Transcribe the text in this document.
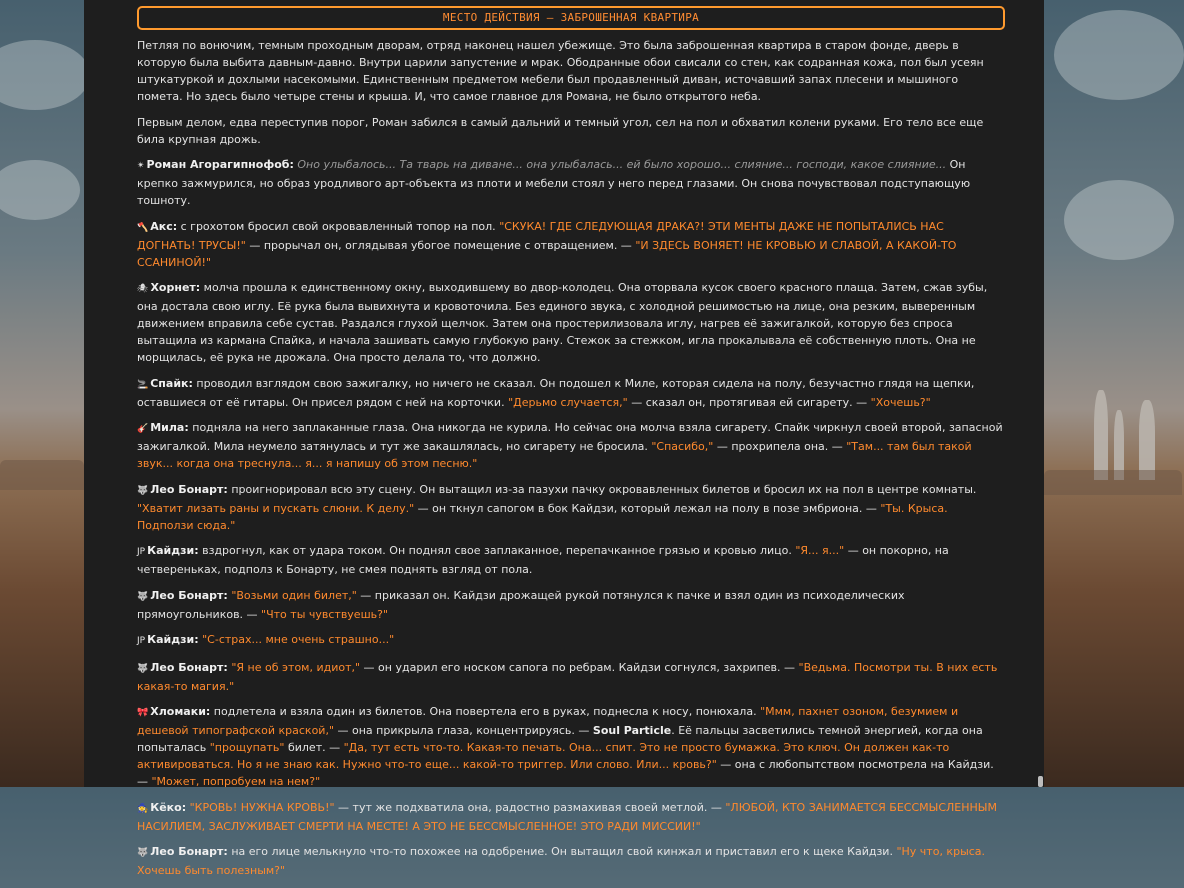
МЕСТО ДЕЙСТВИЯ – ЗАБРОШЕННАЯ КВАРТИРА

Петляя по вонючим, темным проходным дворам, отряд наконец нашел убежище. Это была заброшенная квартира в старом фонде, дверь в которую была выбита давным-давно. Внутри царили запустение и мрак. Ободранные обои свисали со стен, как содранная кожа, пол был усеян штукатуркой и дохлыми насекомыми. Единственным предметом мебели был продавленный диван, источавший запах плесени и мышиного помета. Но здесь было четыре стены и крыша. И, что самое главное для Романа, не было открытого неба.

Первым делом, едва переступив порог, Роман забился в самый дальний и темный угол, сел на пол и обхватил колени руками. Его тело все еще била крупная дрожь.

✴ Роман Агорагипнофоб: Оно улыбалось... Та тварь на диване... она улыбалась... ей было хорошо... слияние... господи, какое слияние... Он крепко зажмурился, но образ уродливого арт-объекта из плоти и мебели стоял у него перед глазами. Он снова почувствовал подступающую тошноту.

🪓 Акс: с грохотом бросил свой окровавленный топор на пол. "СКУКА! ГДЕ СЛЕДУЮЩАЯ ДРАКА?! ЭТИ МЕНТЫ ДАЖЕ НЕ ПОПЫТАЛИСЬ НАС ДОГНАТЬ! ТРУСЫ!" — прорычал он, оглядывая убогое помещение с отвращением. — "И ЗДЕСЬ ВОНЯЕТ! НЕ КРОВЬЮ И СЛАВОЙ, А КАКОЙ-ТО ССАНИНОЙ!"

🕷 Хорнет: молча прошла к единственному окну, выходившему во двор-колодец. Она оторвала кусок своего красного плаща. Затем, сжав зубы, она достала свою иглу. Её рука была вывихнута и кровоточила. Без единого звука, с холодной решимостью на лице, она резким, выверенным движением вправила себе сустав. Раздался глухой щелчок. Затем она простерилизовала иглу, нагрев её зажигалкой, которую без спроса вытащила из кармана Спайка, и начала зашивать самую глубокую рану. Стежок за стежком, игла прокалывала её собственную плоть. Она не морщилась, её рука не дрожала. Она просто делала то, что должно.

🚬 Спайк: проводил взглядом свою зажигалку, но ничего не сказал. Он подошел к Миле, которая сидела на полу, безучастно глядя на щепки, оставшиеся от её гитары. Он присел рядом с ней на корточки. "Дерьмо случается," — сказал он, протягивая ей сигарету. — "Хочешь?"

🎸 Мила: подняла на него заплаканные глаза. Она никогда не курила. Но сейчас она молча взяла сигарету. Спайк чиркнул своей второй, запасной зажигалкой. Мила неумело затянулась и тут же закашлялась, но сигарету не бросила. "Спасибо," — прохрипела она. — "Там... там был такой звук... когда она треснула... я... я напишу об этом песню."

🐺 Лео Бонарт: проигнорировал всю эту сцену. Он вытащил из-за пазухи пачку окровавленных билетов и бросил их на пол в центре комнаты. "Хватит лизать раны и пускать слюни. К делу." — он ткнул сапогом в бок Кайдзи, который лежал на полу в позе эмбриона. — "Ты. Крыса. Подползи сюда."

JP Кайдзи: вздрогнул, как от удара током. Он поднял свое заплаканное, перепачканное грязью и кровью лицо. "Я... я..." — он покорно, на четвереньках, подполз к Бонарту, не смея поднять взгляд от пола.

🐺 Лео Бонарт: "Возьми один билет," — приказал он. Кайдзи дрожащей рукой потянулся к пачке и взял один из психоделических прямоугольников. — "Что ты чувствуешь?"

JP Кайдзи: "С-страх... мне очень страшно..."

🐺 Лео Бонарт: "Я не об этом, идиот," — он ударил его носком сапога по ребрам. Кайдзи согнулся, захрипев. — "Ведьма. Посмотри ты. В них есть какая-то магия."

🎀 Хломаки: подлетела и взяла один из билетов. Она повертела его в руках, поднесла к носу, понюхала. "Ммм, пахнет озоном, безумием и дешевой типографской краской," — она прикрыла глаза, концентрируясь. — Soul Particle. Её пальцы засветились темной энергией, когда она попыталась "прощупать" билет. — "Да, тут есть что-то. Какая-то печать. Она... спит. Это не просто бумажка. Это ключ. Он должен как-то активироваться. Но я не знаю как. Нужно что-то еще... какой-то триггер. Или слово. Или... кровь?" — она с любопытством посмотрела на Кайдзи. — "Может, попробуем на нем?"

🧙 Кёко: "КРОВЬ! НУЖНА КРОВЬ!" — тут же подхватила она, радостно размахивая своей метлой. — "ЛЮБОЙ, КТО ЗАНИМАЕТСЯ БЕССМЫСЛЕННЫМ НАСИЛИЕМ, ЗАСЛУЖИВАЕТ СМЕРТИ НА МЕСТЕ! А ЭТО НЕ БЕССМЫСЛЕННОЕ! ЭТО РАДИ МИССИИ!"

🐺 Лео Бонарт: на его лице мелькнуло что-то похожее на одобрение. Он вытащил свой кинжал и приставил его к щеке Кайдзи. "Ну что, крыса. Хочешь быть полезным?"
